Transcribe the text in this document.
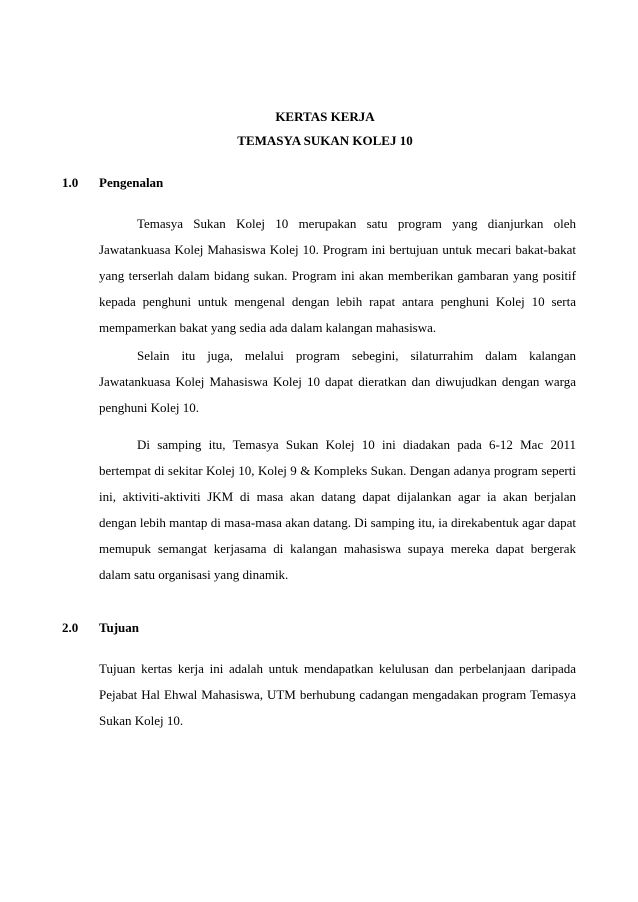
KERTAS KERJA
TEMASYA SUKAN KOLEJ 10
1.0 Pengenalan

Temasya Sukan Kolej 10 merupakan satu program yang dianjurkan oleh Jawatankuasa Kolej Mahasiswa Kolej 10. Program ini bertujuan untuk mecari bakat-bakat yang terserlah dalam bidang sukan. Program ini akan memberikan gambaran yang positif kepada penghuni untuk mengenal dengan lebih rapat antara penghuni Kolej 10 serta mempamerkan bakat yang sedia ada dalam kalangan mahasiswa.

Selain itu juga, melalui program sebegini, silaturrahim dalam kalangan Jawatankuasa Kolej Mahasiswa Kolej 10 dapat dieratkan dan diwujudkan dengan warga penghuni Kolej 10.

Di samping itu, Temasya Sukan Kolej 10 ini diadakan pada 6-12 Mac 2011 bertempat di sekitar Kolej 10, Kolej 9 & Kompleks Sukan. Dengan adanya program seperti ini, aktiviti-aktiviti JKM di masa akan datang dapat dijalankan agar ia akan berjalan dengan lebih mantap di masa-masa akan datang. Di samping itu, ia direkabentuk agar dapat memupuk semangat kerjasama di kalangan mahasiswa supaya mereka dapat bergerak dalam satu organisasi yang dinamik.

2.0 Tujuan

Tujuan kertas kerja ini adalah untuk mendapatkan kelulusan dan perbelanjaan daripada Pejabat Hal Ehwal Mahasiswa, UTM berhubung cadangan mengadakan program Temasya Sukan Kolej 10.
